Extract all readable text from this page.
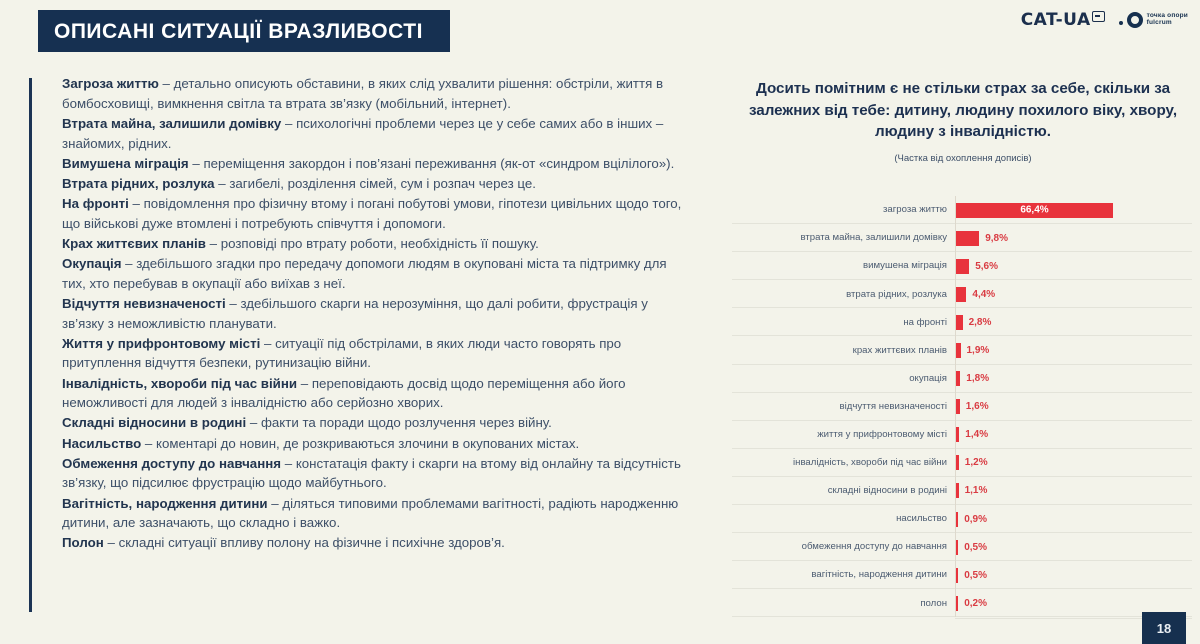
ОПИСАНІ СИТУАЦІЇ ВРАЗЛИВОСТІ	CAT-UA	точка опори
fulcrum

Загроза життю – детально описують обставини, в яких слід ухвалити рішення: обстріли, життя в бомбосховищі, вимкнення світла та втрата зв’язку (мобільний, інтернет).

Втрата майна, залишили домівку – психологічні проблеми через це у себе самих або в інших – знайомих, рідних.

Вимушена міграція – переміщення закордон і пов’язані переживання (як-от «синдром вцілілого»).

Втрата рідних, розлука – загибелі, розділення сімей, сум і розпач через це.

На фронті – повідомлення про фізичну втому і погані побутові умови, гіпотези цивільних щодо того, що військові дуже втомлені і потребують співчуття і допомоги.

Крах життєвих планів – розповіді про втрату роботи, необхідність її пошуку.

Окупація – здебільшого згадки про передачу допомоги людям в окуповані міста та підтримку для тих, хто перебував в окупації або виїхав з неї.

Відчуття невизначеності – здебільшого скарги на нерозуміння, що далі робити, фрустрація у зв’язку з неможливістю планувати.

Життя у прифронтовому місті – ситуації під обстрілами, в яких люди часто говорять про притуплення відчуття безпеки, рутинизацію війни.

Інвалідність, хвороби під час війни – переповідають досвід щодо переміщення або його неможливості для людей з інвалідністю або серйозно хворих.

Складні відносини в родині – факти та поради щодо розлучення через війну.

Насильство – коментарі до новин, де розкриваються злочини в окупованих містах.

Обмеження доступу до навчання – констатація факту і скарги на втому від онлайну та відсутність зв’язку, що підсилює фрустрацію щодо майбутнього.

Вагітність, народження дитини – діляться типовими проблемами вагітності, радіють народженню дитини, але зазначають, що складно і важко.

Полон – складні ситуації впливу полону на фізичне і психічне здоров’я.

Досить помітним є не стільки страх за себе, скільки за залежних від тебе: дитину, людину похилого віку, хвору, людину з інвалідністю.
(Частка від охоплення дописів)
загроза життю	66,4%
втрата майна, залишили домівку	9,8%
вимушена міграція	5,6%
втрата рідних, розлука	4,4%
на фронті	2,8%
крах життєвих планів	1,9%
окупація	1,8%
відчуття невизначеності	1,6%
життя у прифронтовому місті	1,4%
інвалідність, хвороби під час війни	1,2%
складні відносини в родині	1,1%
насильство	0,9%
обмеження доступу до навчання	0,5%
вагітність, народження дитини	0,5%
полон	0,2%
18
